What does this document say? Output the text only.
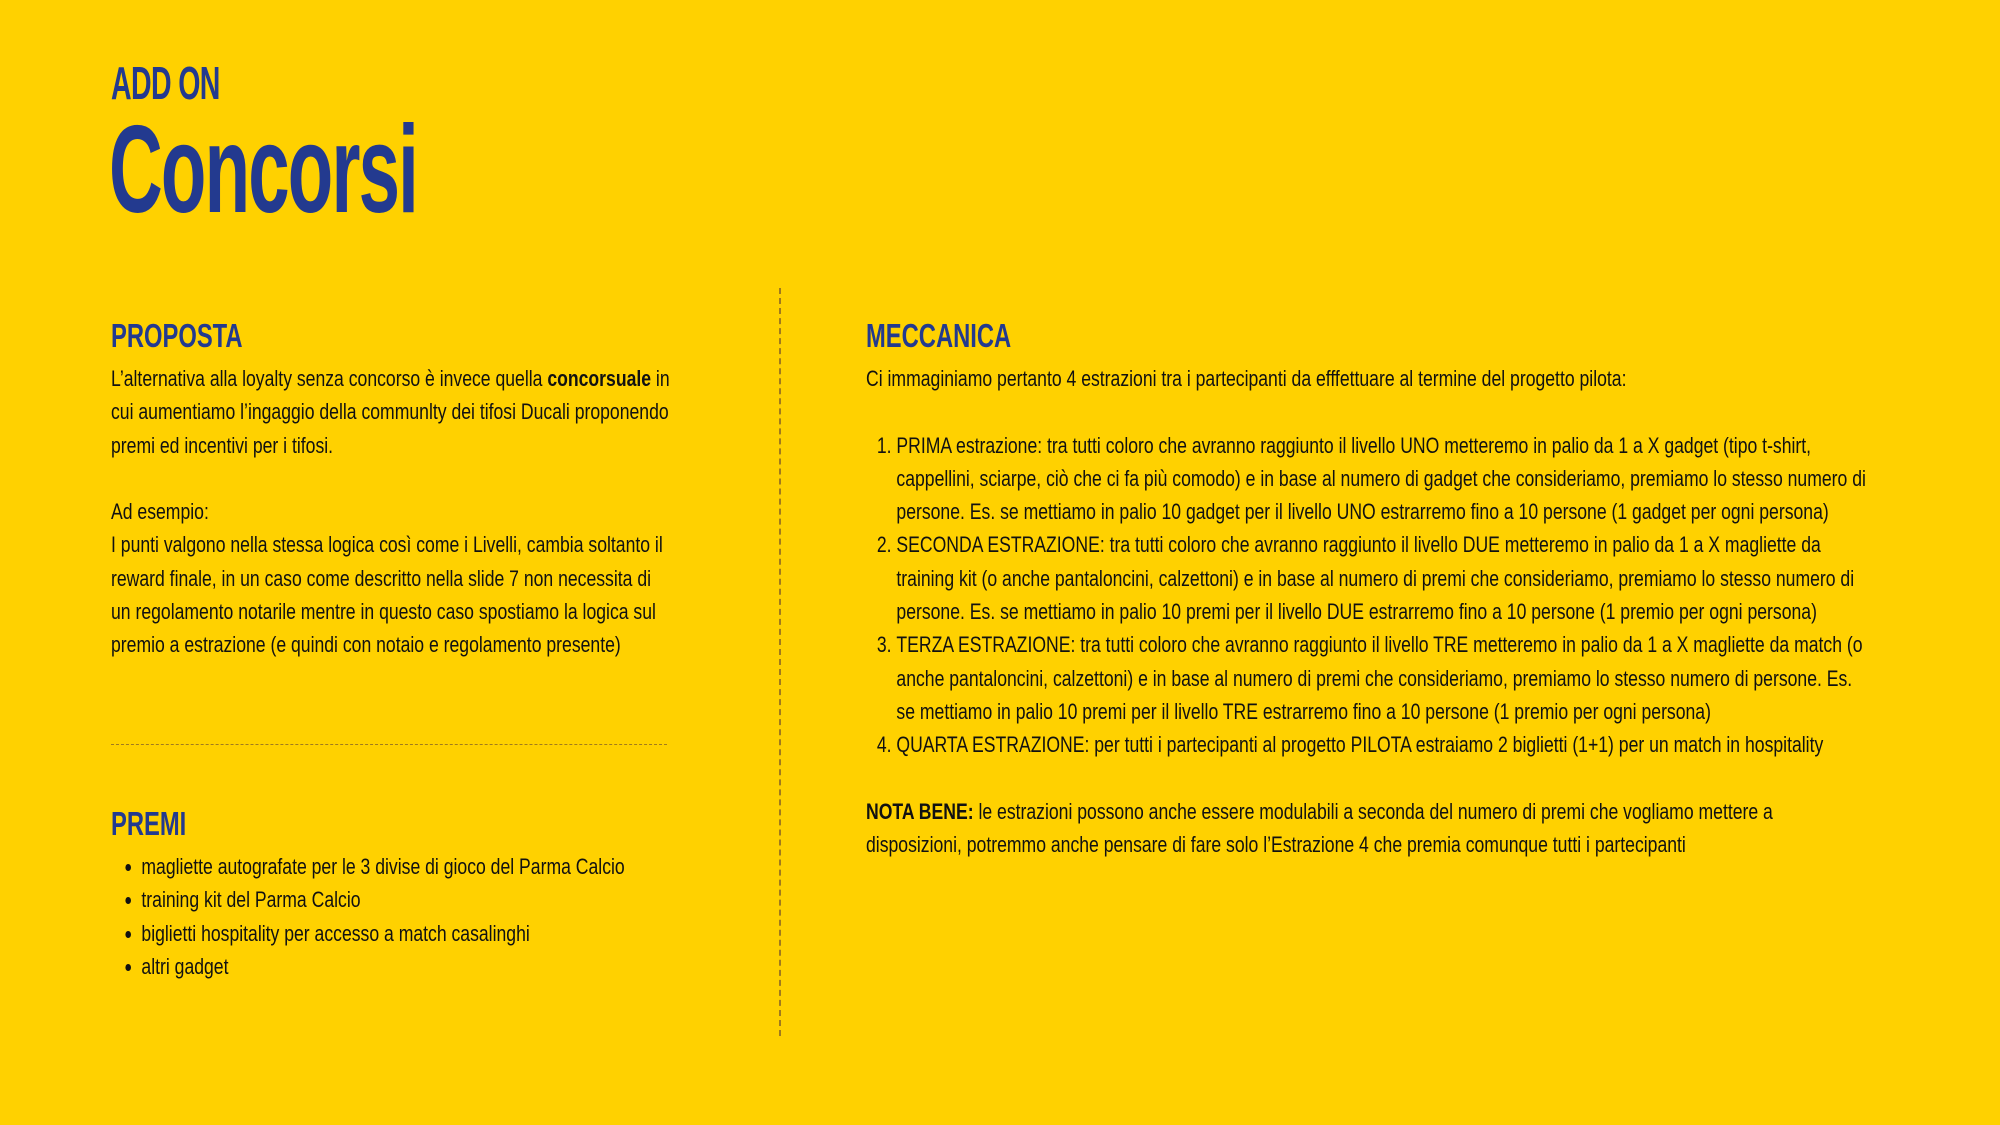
ADD ON
Concorsi
PROPOSTA

L’alternativa alla loyalty senza concorso è invece quella concorsuale in cui aumentiamo l’ingaggio della communlty dei tifosi Ducali proponendo premi ed incentivi per i tifosi.

Ad esempio:

I punti valgono nella stessa logica così come i Livelli, cambia soltanto il reward finale, in un caso come descritto nella slide 7 non necessita di un regolamento notarile mentre in questo caso spostiamo la logica sul premio a estrazione (e quindi con notaio e regolamento presente)

PREMI
• magliette autografate per le 3 divise di gioco del Parma Calcio
• training kit del Parma Calcio
• biglietti hospitality per accesso a match casalinghi
• altri gadget
MECCANICA

Ci immaginiamo pertanto 4 estrazioni tra i partecipanti da efffettuare al termine del progetto pilota:

1. PRIMA estrazione: tra tutti coloro che avranno raggiunto il livello UNO metteremo in palio da 1 a X gadget (tipo t-shirt, cappellini, sciarpe, ciò che ci fa più comodo) e in base al numero di gadget che consideriamo, premiamo lo stesso numero di persone. Es. se mettiamo in palio 10 gadget per il livello UNO estrarremo fino a 10 persone (1 gadget per ogni persona)
2. SECONDA ESTRAZIONE: tra tutti coloro che avranno raggiunto il livello DUE metteremo in palio da 1 a X magliette da training kit (o anche pantaloncini, calzettoni) e in base al numero di premi che consideriamo, premiamo lo stesso numero di persone. Es. se mettiamo in palio 10 premi per il livello DUE estrarremo fino a 10 persone (1 premio per ogni persona)
3. TERZA ESTRAZIONE: tra tutti coloro che avranno raggiunto il livello TRE metteremo in palio da 1 a X magliette da match (o anche pantaloncini, calzettoni) e in base al numero di premi che consideriamo, premiamo lo stesso numero di persone. Es. se mettiamo in palio 10 premi per il livello TRE estrarremo fino a 10 persone (1 premio per ogni persona)
4. QUARTA ESTRAZIONE: per tutti i partecipanti al progetto PILOTA estraiamo 2 biglietti (1+1) per un match in hospitality

NOTA BENE: le estrazioni possono anche essere modulabili a seconda del numero di premi che vogliamo mettere a disposizioni, potremmo anche pensare di fare solo l’Estrazione 4 che premia comunque tutti i partecipanti
